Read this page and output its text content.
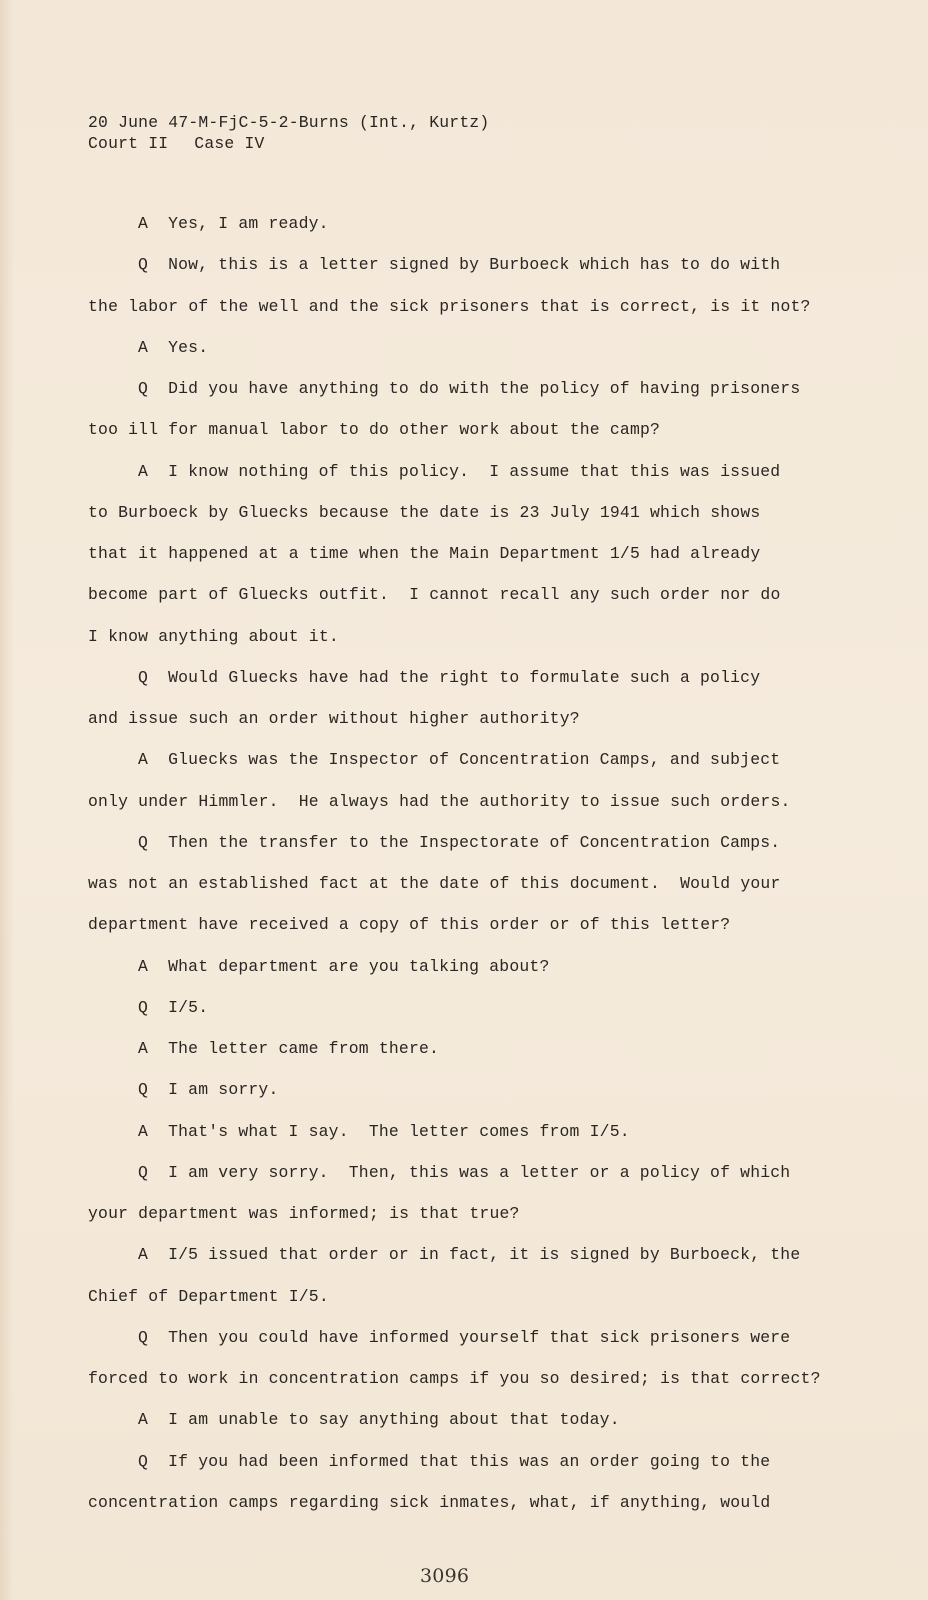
20 June 47-M-FjC-5-2-Burns (Int., Kurtz)
Court II Case IV
A  Yes, I am ready.
Q  Now, this is a letter signed by Burboeck which has to do with
the labor of the well and the sick prisoners that is correct, is it not?
A  Yes.
Q  Did you have anything to do with the policy of having prisoners
too ill for manual labor to do other work about the camp?
A  I know nothing of this policy.  I assume that this was issued
to Burboeck by Gluecks because the date is 23 July 1941 which shows
that it happened at a time when the Main Department 1/5 had already
become part of Gluecks outfit.  I cannot recall any such order nor do
I know anything about it.
Q  Would Gluecks have had the right to formulate such a policy
and issue such an order without higher authority?
A  Gluecks was the Inspector of Concentration Camps, and subject
only under Himmler.  He always had the authority to issue such orders.
Q  Then the transfer to the Inspectorate of Concentration Camps.
was not an established fact at the date of this document.  Would your
department have received a copy of this order or of this letter?
A  What department are you talking about?
Q  I/5.
A  The letter came from there.
Q  I am sorry.
A  That's what I say.  The letter comes from I/5.
Q  I am very sorry.  Then, this was a letter or a policy of which
your department was informed; is that true?
A  I/5 issued that order or in fact, it is signed by Burboeck, the
Chief of Department I/5.
Q  Then you could have informed yourself that sick prisoners were
forced to work in concentration camps if you so desired; is that correct?
A  I am unable to say anything about that today.
Q  If you had been informed that this was an order going to the
concentration camps regarding sick inmates, what, if anything, would
3096
